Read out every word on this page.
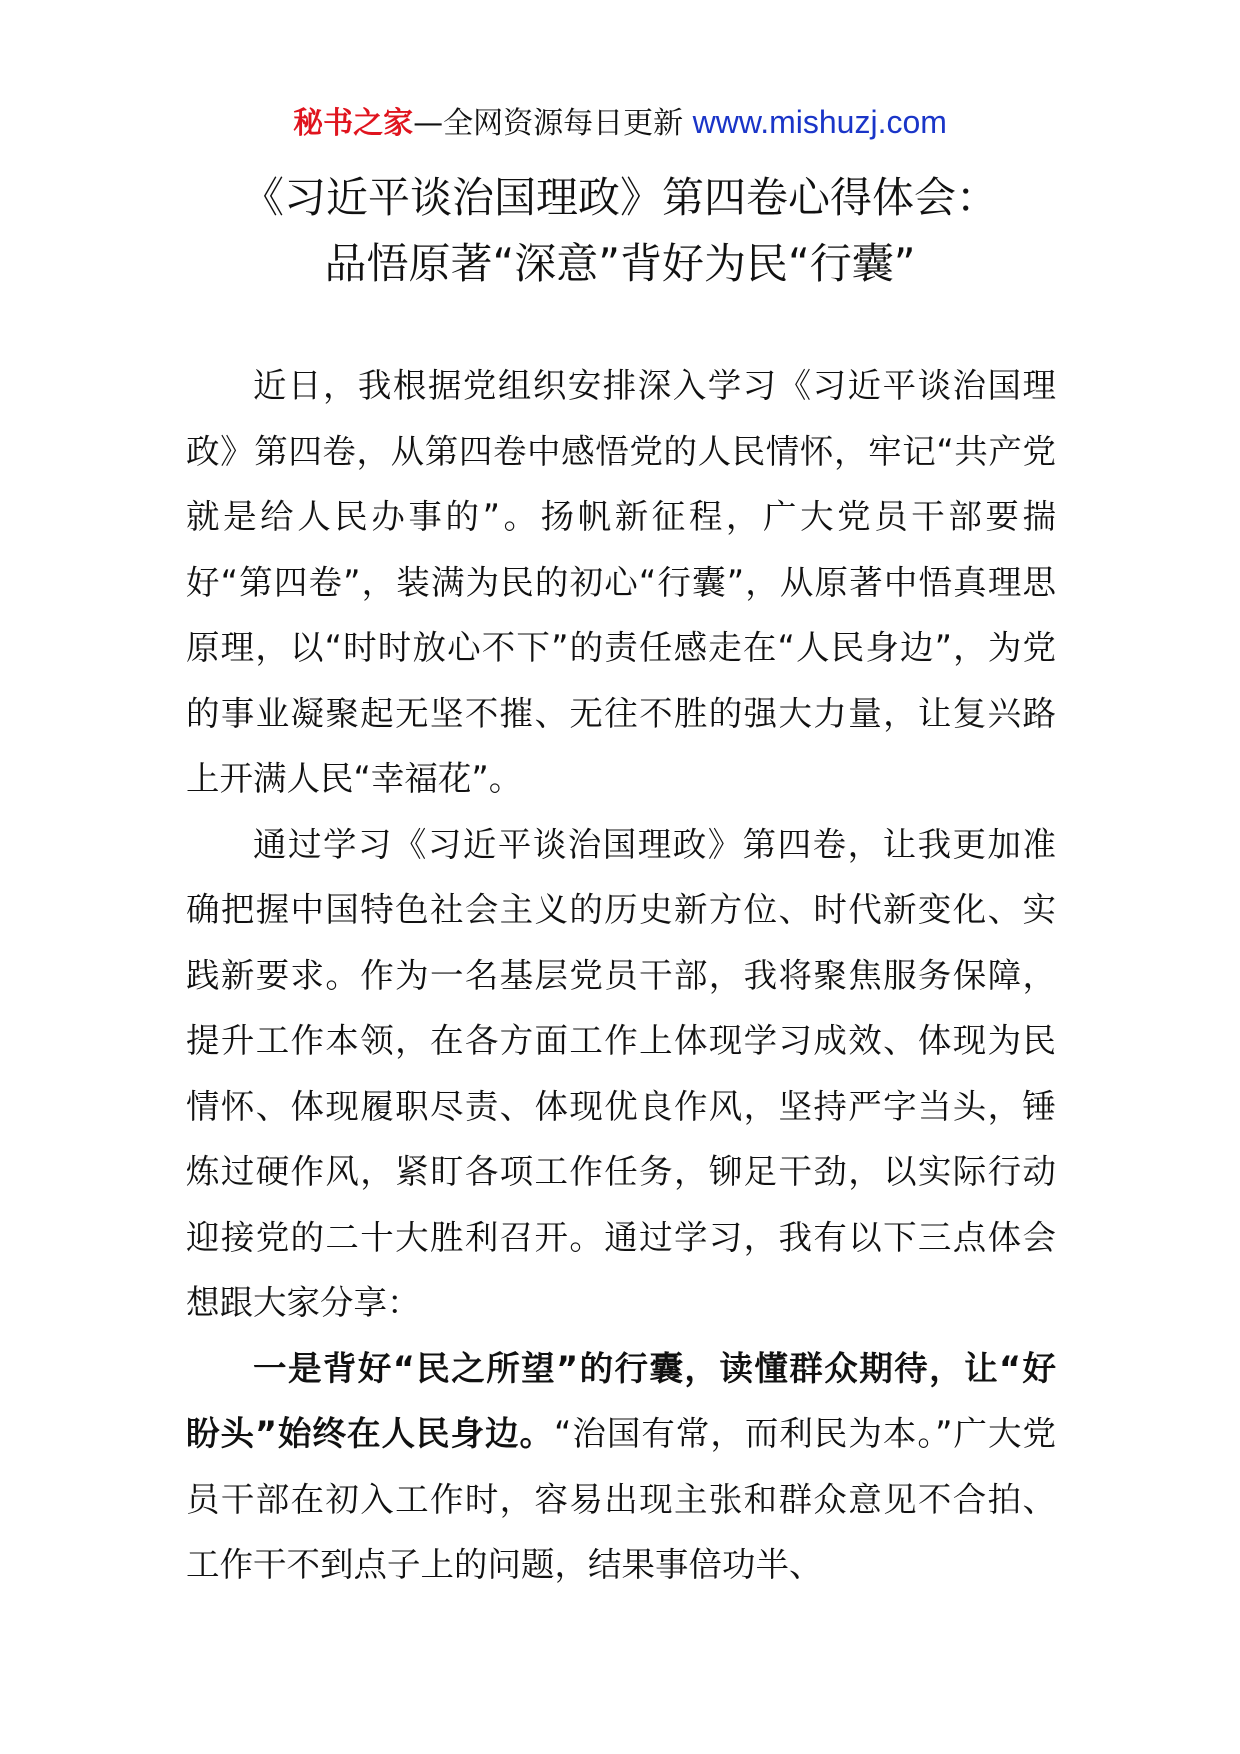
秘书之家—全网资源每日更新 www.mishuzj.com
《习近平谈治国理政》第四卷心得体会：
品悟原著“深意”背好为民“行囊”

近日，我根据党组织安排深入学习《习近平谈治国理政》第四卷，从第四卷中感悟党的人民情怀，牢记“共产党就是给人民办事的”。扬帆新征程，广大党员干部要揣好“第四卷”，装满为民的初心“行囊”，从原著中悟真理思原理，以“时时放心不下”的责任感走在“人民身边”，为党的事业凝聚起无坚不摧、无往不胜的强大力量，让复兴路上开满人民“幸福花”。

通过学习《习近平谈治国理政》第四卷，让我更加准确把握中国特色社会主义的历史新方位、时代新变化、实践新要求。作为一名基层党员干部，我将聚焦服务保障，提升工作本领，在各方面工作上体现学习成效、体现为民情怀、体现履职尽责、体现优良作风，坚持严字当头，锤炼过硬作风，紧盯各项工作任务，铆足干劲，以实际行动迎接党的二十大胜利召开。通过学习，我有以下三点体会想跟大家分享：

一是背好“民之所望”的行囊，读懂群众期待，让“好盼头”始终在人民身边。“治国有常，而利民为本。”广大党员干部在初入工作时，容易出现主张和群众意见不合拍、工作干不到点子上的问题，结果事倍功半、
